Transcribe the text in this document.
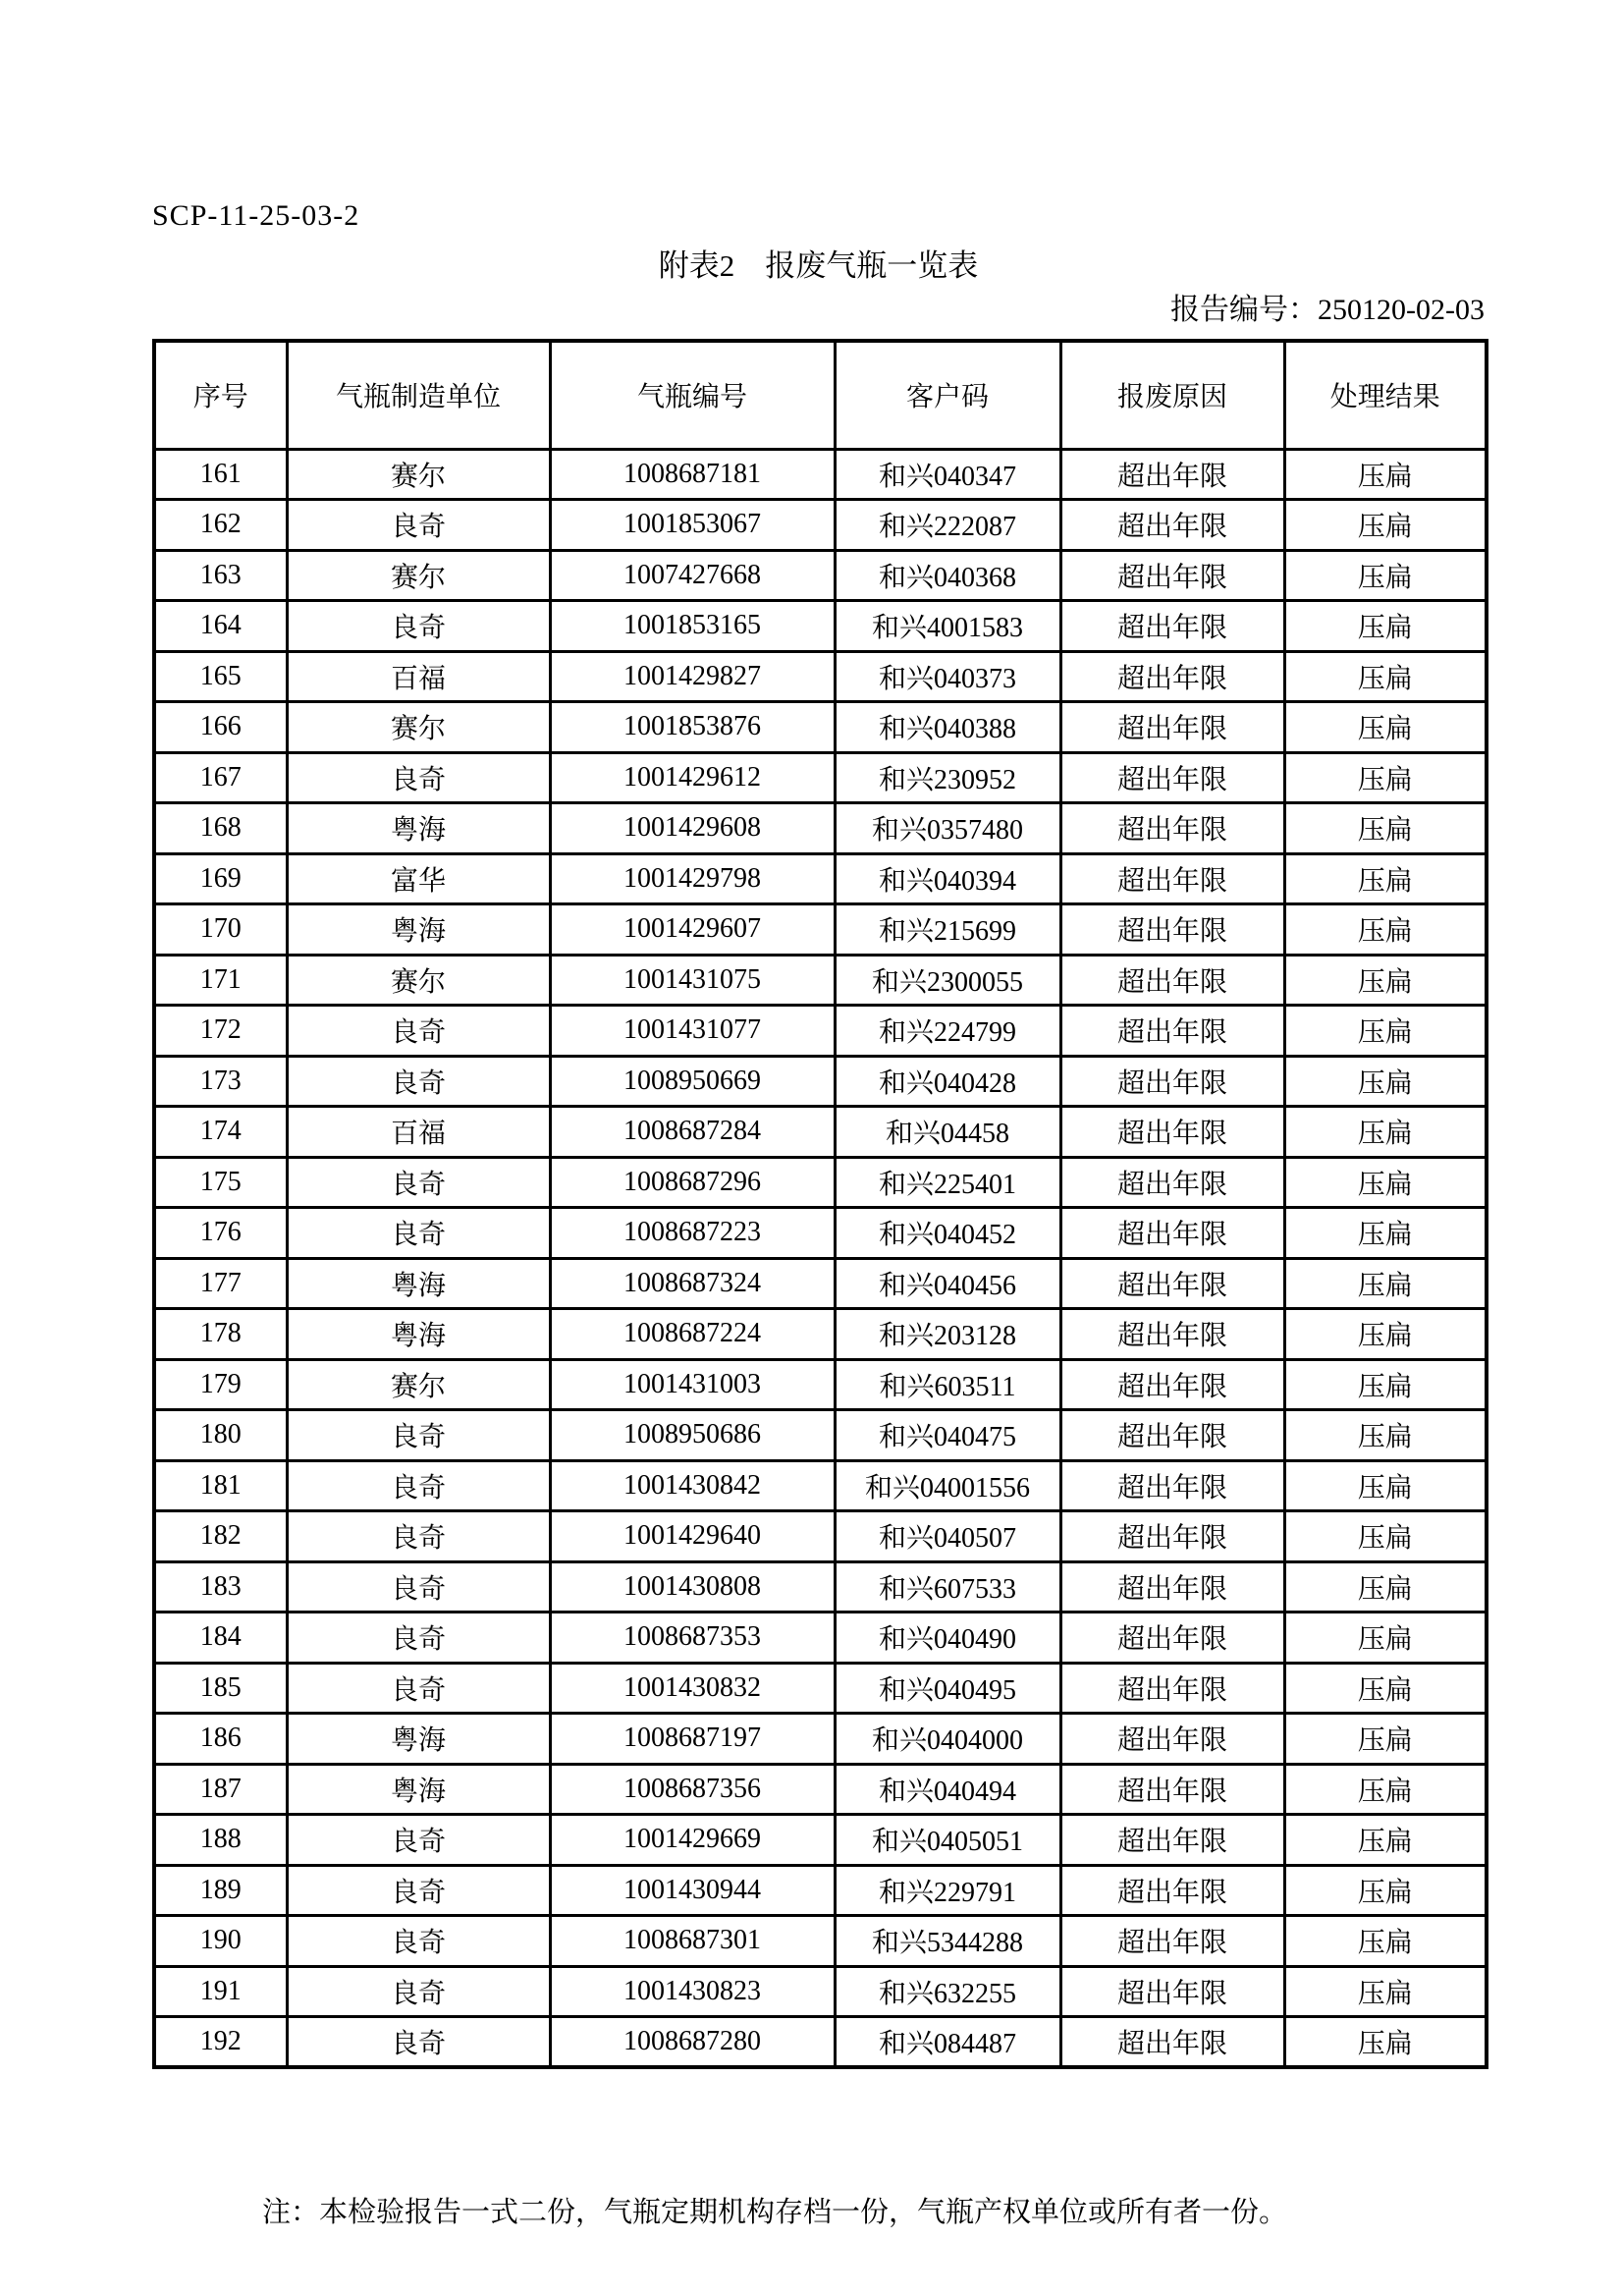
SCP-11-25-03-2
附表2　报废气瓶一览表
报告编号：250120-02-03
序号	气瓶制造单位	气瓶编号	客户码	报废原因	处理结果
161	赛尔	1008687181	和兴040347	超出年限	压扁
162	良奇	1001853067	和兴222087	超出年限	压扁
163	赛尔	1007427668	和兴040368	超出年限	压扁
164	良奇	1001853165	和兴4001583	超出年限	压扁
165	百福	1001429827	和兴040373	超出年限	压扁
166	赛尔	1001853876	和兴040388	超出年限	压扁
167	良奇	1001429612	和兴230952	超出年限	压扁
168	粤海	1001429608	和兴0357480	超出年限	压扁
169	富华	1001429798	和兴040394	超出年限	压扁
170	粤海	1001429607	和兴215699	超出年限	压扁
171	赛尔	1001431075	和兴2300055	超出年限	压扁
172	良奇	1001431077	和兴224799	超出年限	压扁
173	良奇	1008950669	和兴040428	超出年限	压扁
174	百福	1008687284	和兴04458	超出年限	压扁
175	良奇	1008687296	和兴225401	超出年限	压扁
176	良奇	1008687223	和兴040452	超出年限	压扁
177	粤海	1008687324	和兴040456	超出年限	压扁
178	粤海	1008687224	和兴203128	超出年限	压扁
179	赛尔	1001431003	和兴603511	超出年限	压扁
180	良奇	1008950686	和兴040475	超出年限	压扁
181	良奇	1001430842	和兴04001556	超出年限	压扁
182	良奇	1001429640	和兴040507	超出年限	压扁
183	良奇	1001430808	和兴607533	超出年限	压扁
184	良奇	1008687353	和兴040490	超出年限	压扁
185	良奇	1001430832	和兴040495	超出年限	压扁
186	粤海	1008687197	和兴0404000	超出年限	压扁
187	粤海	1008687356	和兴040494	超出年限	压扁
188	良奇	1001429669	和兴0405051	超出年限	压扁
189	良奇	1001430944	和兴229791	超出年限	压扁
190	良奇	1008687301	和兴5344288	超出年限	压扁
191	良奇	1001430823	和兴632255	超出年限	压扁
192	良奇	1008687280	和兴084487	超出年限	压扁
注：本检验报告一式二份，气瓶定期机构存档一份，气瓶产权单位或所有者一份。
